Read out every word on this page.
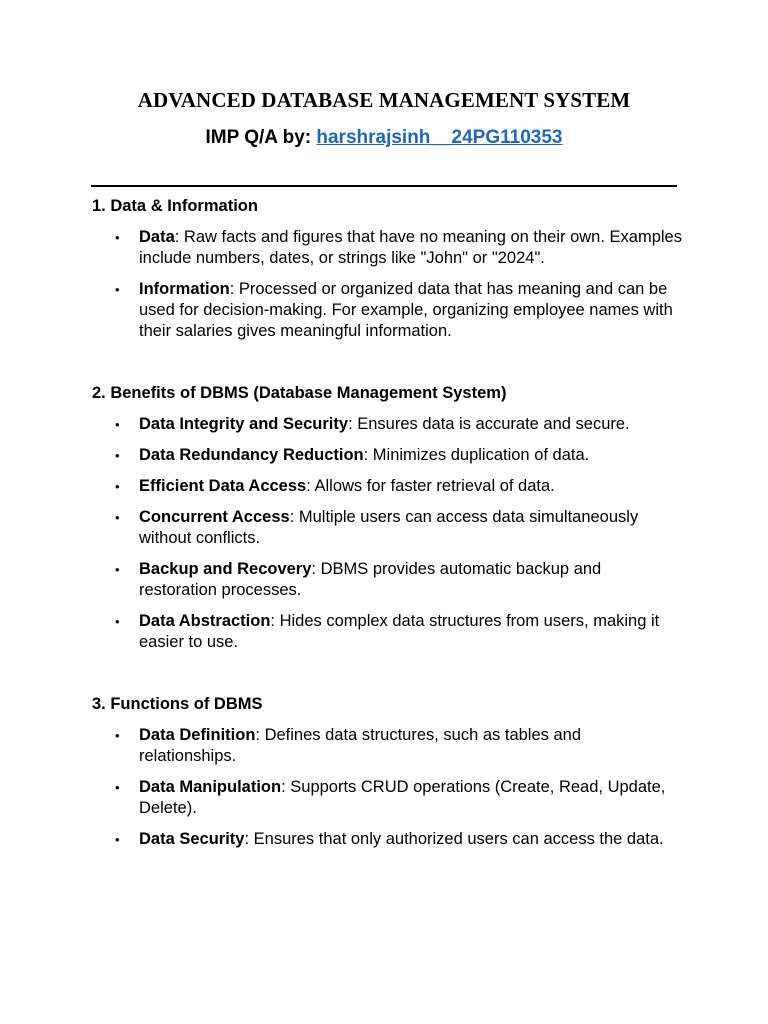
ADVANCED DATABASE MANAGEMENT SYSTEM

IMP Q/A by: harshrajsinh__24PG110353

1. Data & Information
• Data: Raw facts and figures that have no meaning on their own. Examples include numbers, dates, or strings like "John" or "2024".
• Information: Processed or organized data that has meaning and can be used for decision-making. For example, organizing employee names with their salaries gives meaningful information.
2. Benefits of DBMS (Database Management System)
• Data Integrity and Security: Ensures data is accurate and secure.
• Data Redundancy Reduction: Minimizes duplication of data.
• Efficient Data Access: Allows for faster retrieval of data.
• Concurrent Access: Multiple users can access data simultaneously without conflicts.
• Backup and Recovery: DBMS provides automatic backup and restoration processes.
• Data Abstraction: Hides complex data structures from users, making it easier to use.
3. Functions of DBMS
• Data Definition: Defines data structures, such as tables and relationships.
• Data Manipulation: Supports CRUD operations (Create, Read, Update, Delete).
• Data Security: Ensures that only authorized users can access the data.
